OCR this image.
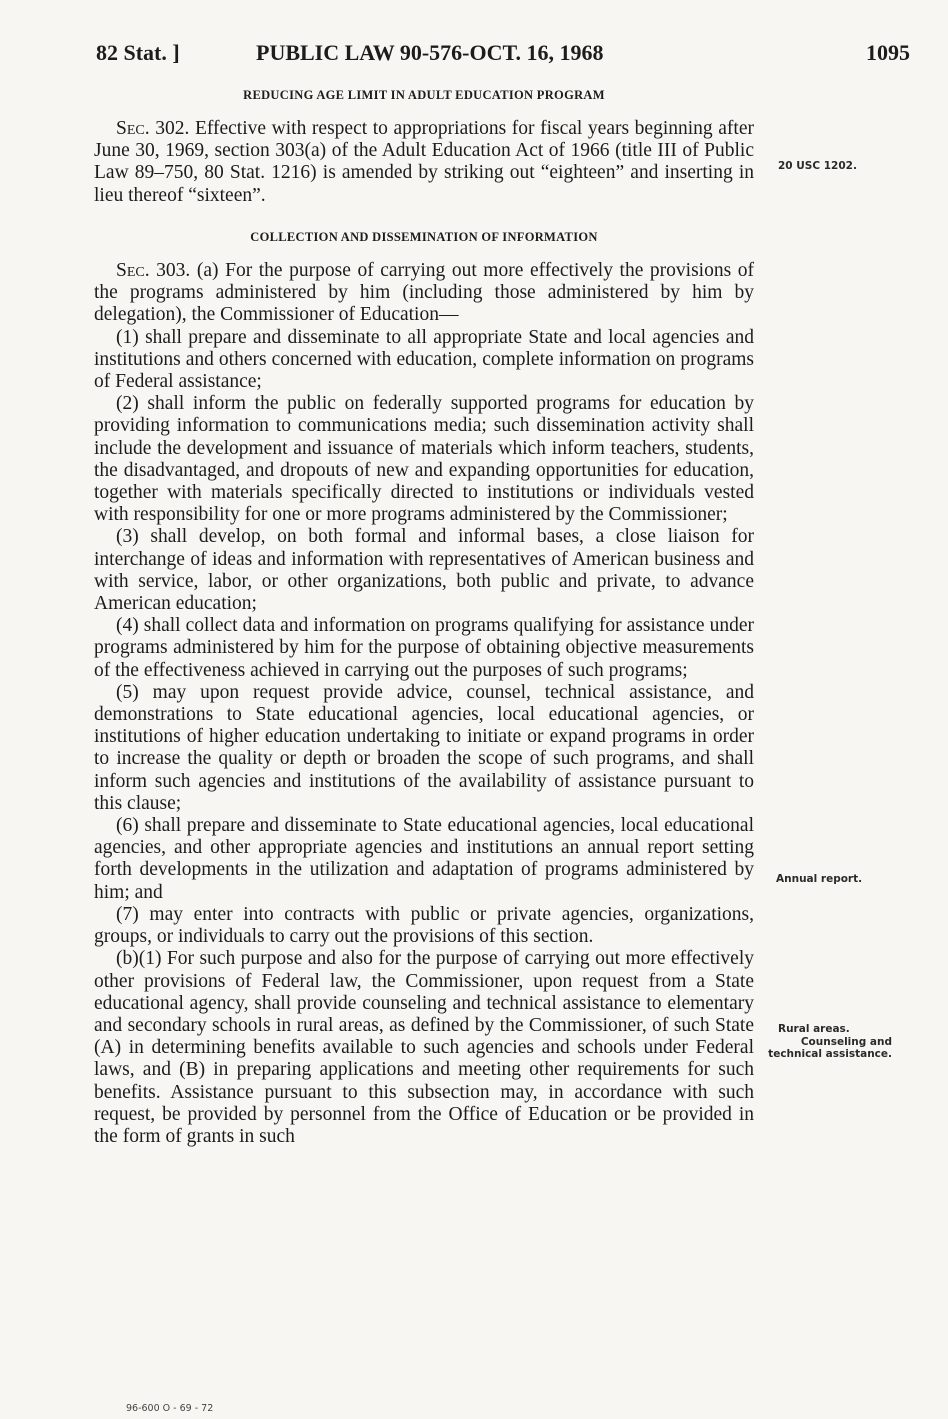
82 Stat. ]	PUBLIC LAW 90-576-OCT. 16, 1968	1095
REDUCING AGE LIMIT IN ADULT EDUCATION PROGRAM

Sec. 302. Effective with respect to appropriations for fiscal years beginning after June 30, 1969, section 303(a) of the Adult Education Act of 1966 (title III of Public Law 89–750, 80 Stat. 1216) is amended by striking out “eighteen” and inserting in lieu thereof “sixteen”.

20 USC 1202.
COLLECTION AND DISSEMINATION OF INFORMATION

Sec. 303. (a) For the purpose of carrying out more effectively the provisions of the programs administered by him (including those administered by him by delegation), the Commissioner of Education—

(1) shall prepare and disseminate to all appropriate State and local agencies and institutions and others concerned with education, complete information on programs of Federal assistance;

(2) shall inform the public on federally supported programs for education by providing information to communications media; such dissemination activity shall include the development and issuance of materials which inform teachers, students, the disadvantaged, and dropouts of new and expanding opportunities for education, together with materials specifically directed to institutions or individuals vested with responsibility for one or more programs administered by the Commissioner;

(3) shall develop, on both formal and informal bases, a close liaison for interchange of ideas and information with representatives of American business and with service, labor, or other organizations, both public and private, to advance American education;

(4) shall collect data and information on programs qualifying for assistance under programs administered by him for the purpose of obtaining objective measurements of the effectiveness achieved in carrying out the purposes of such programs;

(5) may upon request provide advice, counsel, technical assistance, and demonstrations to State educational agencies, local educational agencies, or institutions of higher education undertaking to initiate or expand programs in order to increase the quality or depth or broaden the scope of such programs, and shall inform such agencies and institutions of the availability of assistance pursuant to this clause;

(6) shall prepare and disseminate to State educational agencies, local educational agencies, and other appropriate agencies and institutions an annual report setting forth developments in the utilization and adaptation of programs administered by him; and

(7) may enter into contracts with public or private agencies, organizations, groups, or individuals to carry out the provisions of this section.

(b)(1) For such purpose and also for the purpose of carrying out more effectively other provisions of Federal law, the Commissioner, upon request from a State educational agency, shall provide counseling and technical assistance to elementary and secondary schools in rural areas, as defined by the Commissioner, of such State (A) in determining benefits available to such agencies and schools under Federal laws, and (B) in preparing applications and meeting other requirements for such benefits. Assistance pursuant to this subsection may, in accordance with such request, be provided by personnel from the Office of Education or be provided in the form of grants in such

Annual report.
Rural areas.
Counseling and technical assistance.
96-600 O - 69 - 72
